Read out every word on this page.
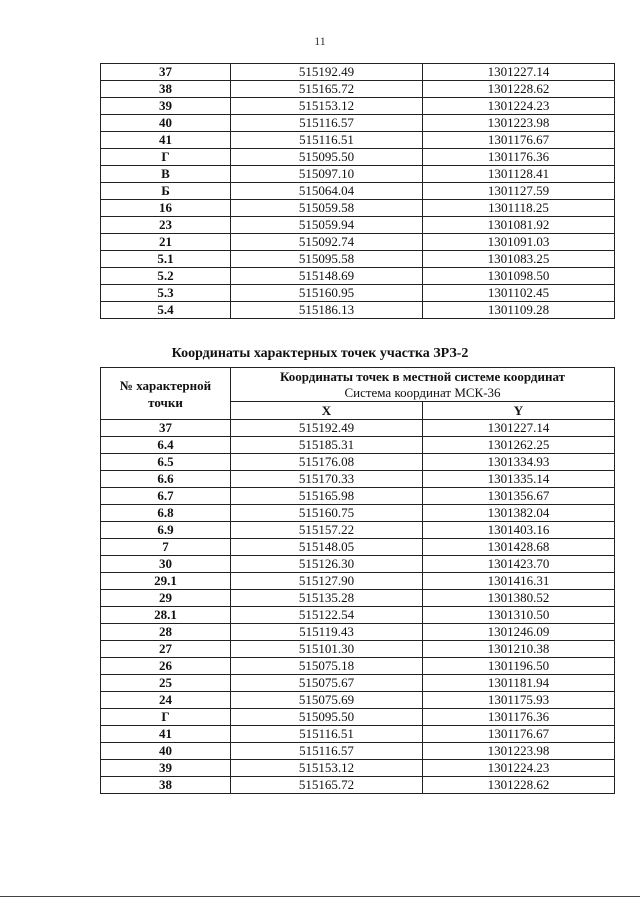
11
37	515192.49	1301227.14
38	515165.72	1301228.62
39	515153.12	1301224.23
40	515116.57	1301223.98
41	515116.51	1301176.67
Г	515095.50	1301176.36
В	515097.10	1301128.41
Б	515064.04	1301127.59
16	515059.58	1301118.25
23	515059.94	1301081.92
21	515092.74	1301091.03
5.1	515095.58	1301083.25
5.2	515148.69	1301098.50
5.3	515160.95	1301102.45
5.4	515186.13	1301109.28
Координаты характерных точек участка ЗРЗ-2
№ характерной точки	Координаты точек в местной системе координат	
	Система координат МСК-36	
	X	Y
37	515192.49	1301227.14
6.4	515185.31	1301262.25
6.5	515176.08	1301334.93
6.6	515170.33	1301335.14
6.7	515165.98	1301356.67
6.8	515160.75	1301382.04
6.9	515157.22	1301403.16
7	515148.05	1301428.68
30	515126.30	1301423.70
29.1	515127.90	1301416.31
29	515135.28	1301380.52
28.1	515122.54	1301310.50
28	515119.43	1301246.09
27	515101.30	1301210.38
26	515075.18	1301196.50
25	515075.67	1301181.94
24	515075.69	1301175.93
Г	515095.50	1301176.36
41	515116.51	1301176.67
40	515116.57	1301223.98
39	515153.12	1301224.23
38	515165.72	1301228.62
